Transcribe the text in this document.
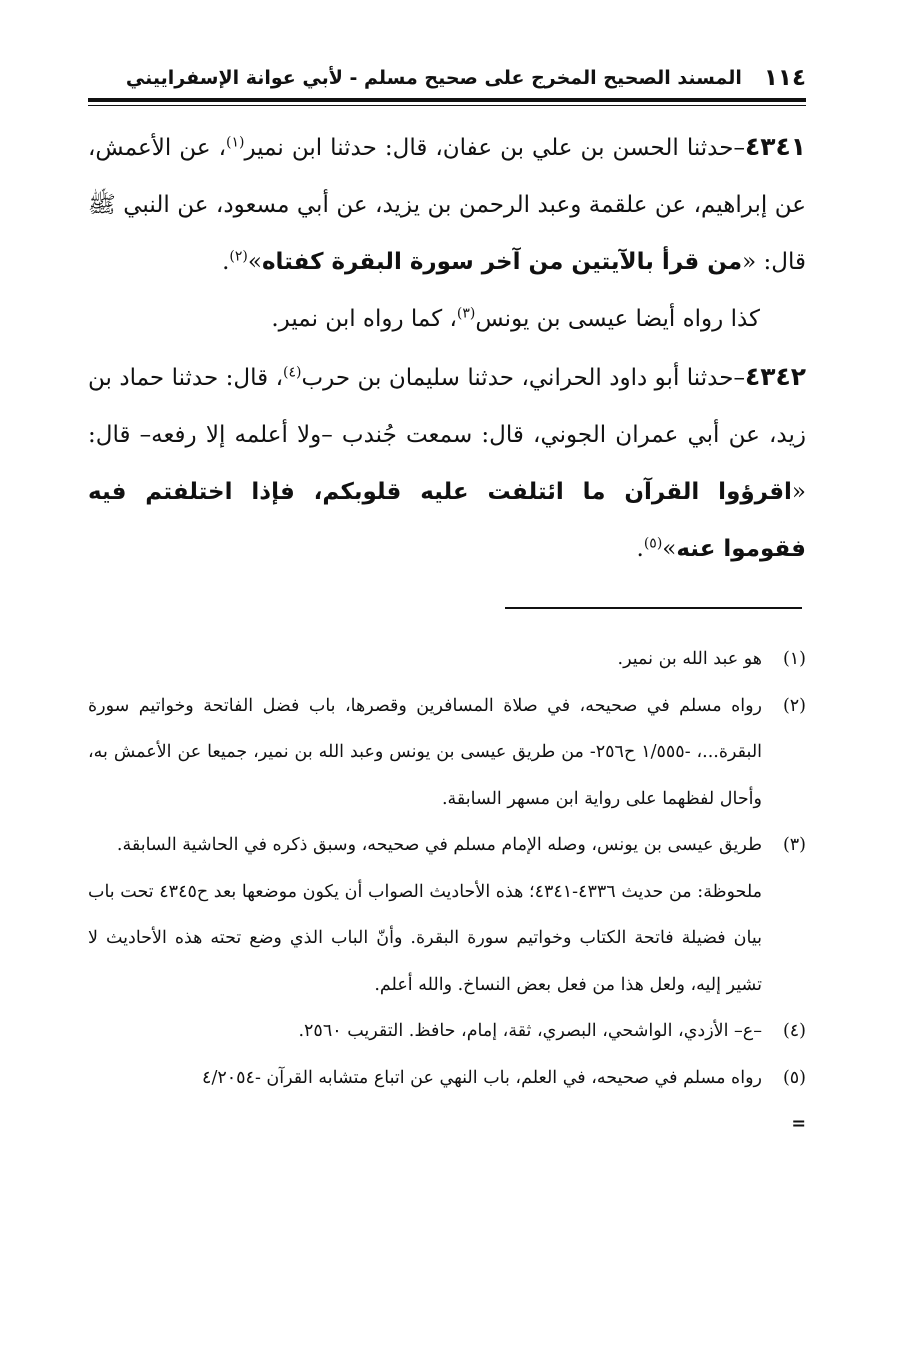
١١٤
المسند الصحيح المخرج على صحيح مسلم - لأبي عوانة الإسفراييني

٤٣٤١–حدثنا الحسن بن علي بن عفان، قال: حدثنا ابن نمير$^{(١)}$، عن الأعمش، عن إبراهيم، عن علقمة وعبد الرحمن بن يزيد، عن أبي مسعود، عن النبي ﷺ قال: «من قرأ بالآيتين من آخر سورة البقرة كفتاه»$^{(٢)}$.

كذا رواه أيضا عيسى بن يونس$^{(٣)}$، كما رواه ابن نمير.

٤٣٤٢–حدثنا أبو داود الحراني، حدثنا سليمان بن حرب$^{(٤)}$، قال: حدثنا حماد بن زيد، عن أبي عمران الجوني، قال: سمعت جُندب –ولا أعلمه إلا رفعه– قال: «اقرؤوا القرآن ما ائتلفت عليه قلوبكم، فإذا اختلفتم فيه فقوموا عنه»$^{(٥)}$.

(١)
هو عبد الله بن نمير.

(٢)
رواه مسلم في صحيحه، في صلاة المسافرين وقصرها، باب فضل الفاتحة وخواتيم سورة البقرة...، -١/٥٥٥ ح٢٥٦- من طريق عيسى بن يونس وعبد الله بن نمير، جميعا عن الأعمش به، وأحال لفظهما على رواية ابن مسهر السابقة.

(٣)
طريق عيسى بن يونس، وصله الإمام مسلم في صحيحه، وسبق ذكره في الحاشية السابقة.

ملحوظة: من حديث ٤٣٣٦-٤٣٤١؛ هذه الأحاديث الصواب أن يكون موضعها بعد ح٤٣٤٥ تحت باب بيان فضيلة فاتحة الكتاب وخواتيم سورة البقرة. وأنّ الباب الذي وضع تحته هذه الأحاديث لا تشير إليه، ولعل هذا من فعل بعض النساخ. والله أعلم.

(٤)
–ع– الأزدي، الواشحي، البصري، ثقة، إمام، حافظ. التقريب ٢٥٦٠.

(٥)
رواه مسلم في صحيحه، في العلم، باب النهي عن اتباع متشابه القرآن -٤/٢٠٥٤

=
